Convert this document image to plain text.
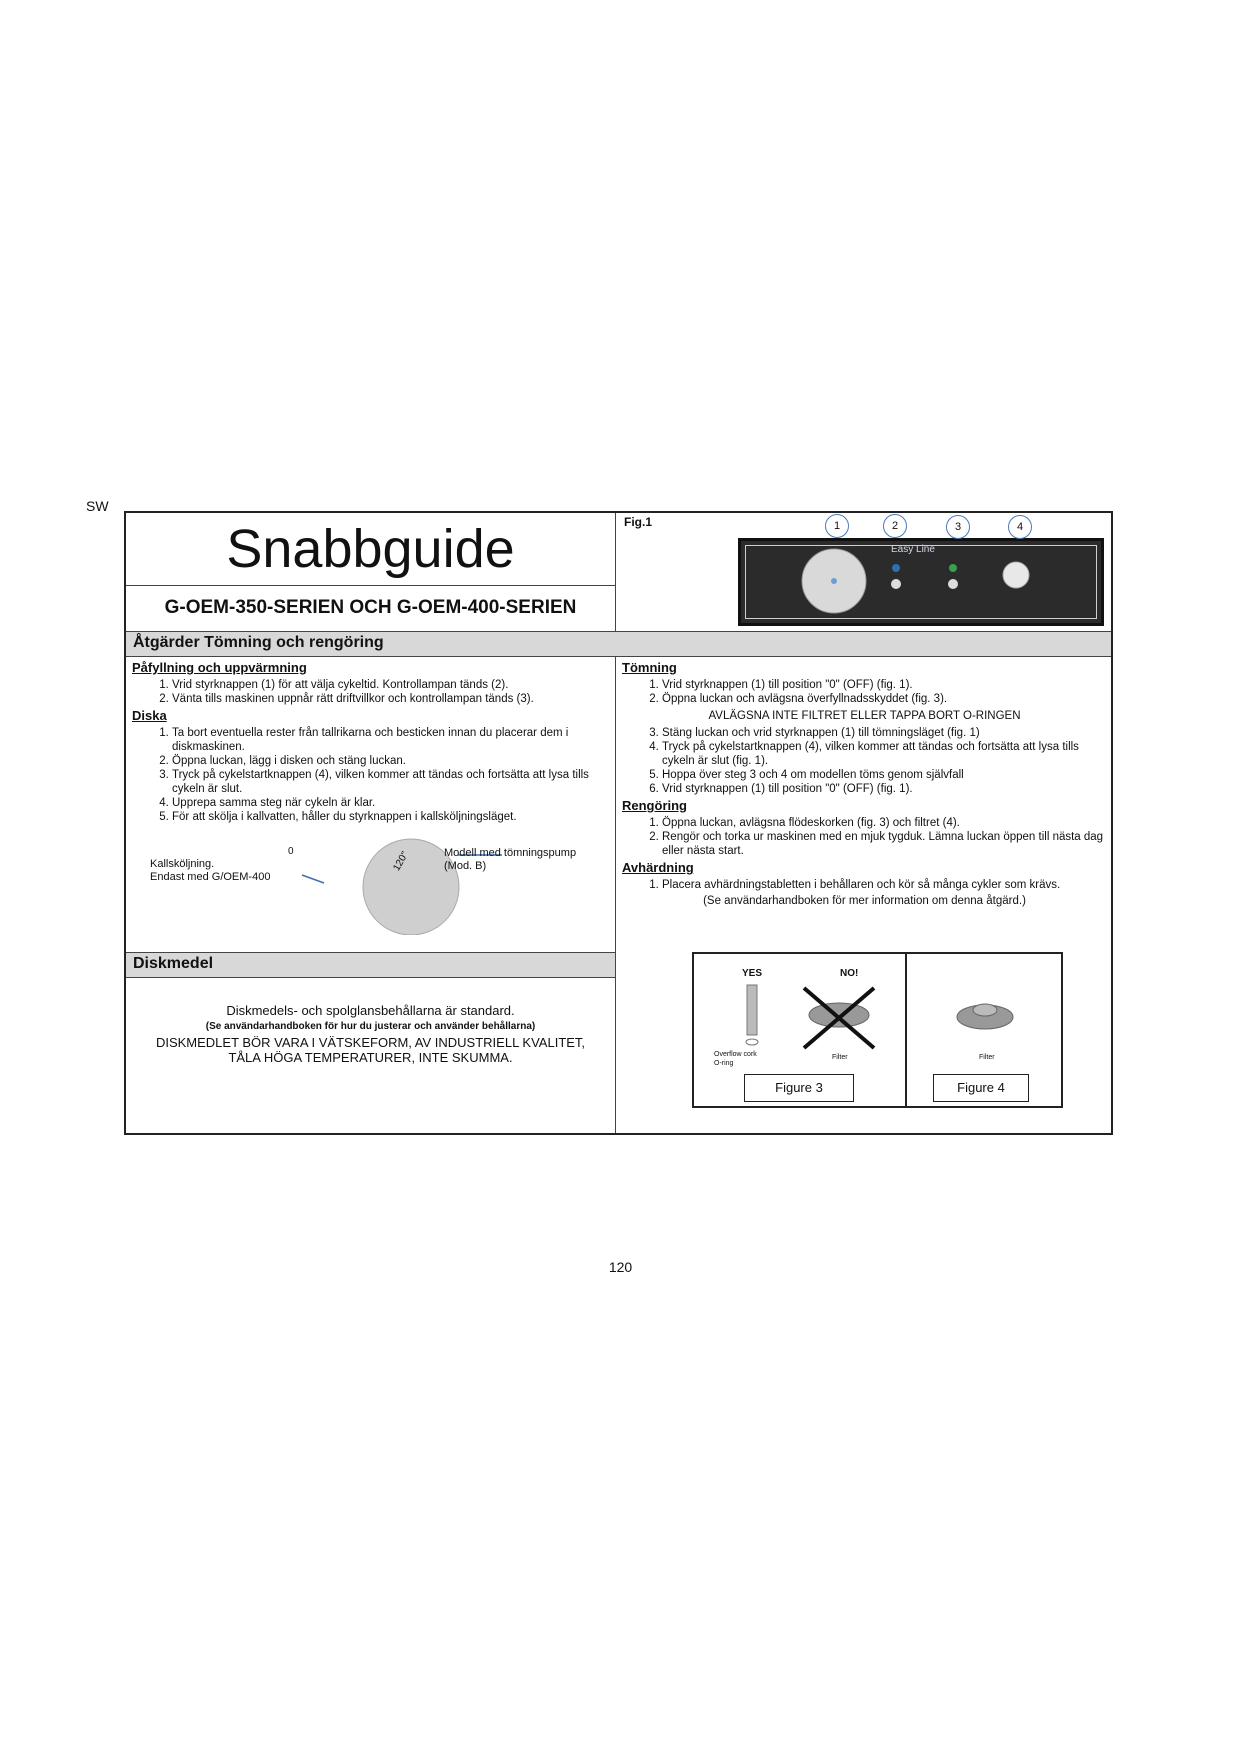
SW
Snabbguide
G-OEM-350-SERIEN OCH G-OEM-400-SERIEN
Fig.1
Easy Line
1	2	3	4
Åtgärder Tömning och rengöring
Påfyllning och uppvärmning
1. Vrid styrknappen (1) för att välja cykeltid. Kontrollampan tänds (2).
2. Vänta tills maskinen uppnår rätt driftvillkor och kontrollampan tänds (3).
Diska
1. Ta bort eventuella rester från tallrikarna och besticken innan du placerar dem i diskmaskinen.
2. Öppna luckan, lägg i disken och stäng luckan.
3. Tryck på cykelstartknappen (4), vilken kommer att tändas och fortsätta att lysa tills cykeln är slut.
4. Upprepa samma steg när cykeln är klar.
5. För att skölja i kallvatten, håller du styrknappen i kallsköljningsläget.
0	120"
Kallsköljning.
Endast med G/OEM-400
Modell med tömningspump
(Mod. B)
Diskmedel
Diskmedels- och spolglansbehållarna är standard.
(Se användarhandboken för hur du justerar och använder behållarna)
DISKMEDLET BÖR VARA I VÄTSKEFORM, AV INDUSTRIELL KVALITET,
TÅLA HÖGA TEMPERATURER, INTE SKUMMA.
Tömning
1. Vrid styrknappen (1) till position "0" (OFF) (fig. 1).
2. Öppna luckan och avlägsna överfyllnadsskyddet (fig. 3).
AVLÄGSNA INTE FILTRET ELLER TAPPA BORT O-RINGEN
3. Stäng luckan och vrid styrknappen (1) till tömningsläget (fig. 1)
4. Tryck på cykelstartknappen (4), vilken kommer att tändas och fortsätta att lysa tills cykeln är slut (fig. 1).
5. Hoppa över steg 3 och 4 om modellen töms genom självfall
6. Vrid styrknappen (1) till position "0" (OFF) (fig. 1).
Rengöring
1. Öppna luckan, avlägsna flödeskorken (fig. 3) och filtret (4).
2. Rengör och torka ur maskinen med en mjuk tygduk. Lämna luckan öppen till nästa dag eller nästa start.
Avhärdning
1. Placera avhärdningstabletten i behållaren och kör så många cykler som krävs.
(Se användarhandboken för mer information om denna åtgärd.)
YES	NO!
Overflow cork
O-ring
Filter
Figure 3
Filter
Figure 4
120
